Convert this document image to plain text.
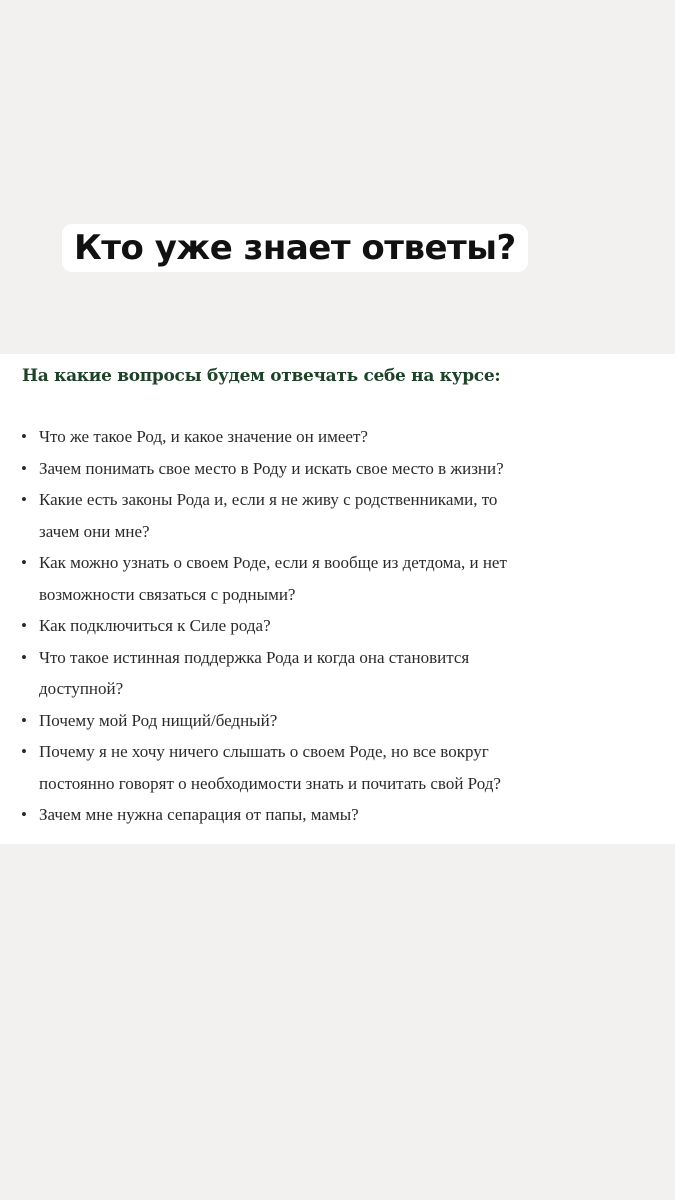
Кто уже знает ответы?
На какие вопросы будем отвечать себе на курсе:
• Что же такое Род, и какое значение он имеет?
• Зачем понимать свое место в Роду и искать свое место в жизни?
• Какие есть законы Рода и, если я не живу с родственниками, то
зачем они мне?
• Как можно узнать о своем Роде, если я вообще из детдома, и нет
возможности связаться с родными?
• Как подключиться к Силе рода?
• Что такое истинная поддержка Рода и когда она становится
доступной?
• Почему мой Род нищий/бедный?
• Почему я не хочу ничего слышать о своем Роде, но все вокруг
постоянно говорят о необходимости знать и почитать свой Род?
• Зачем мне нужна сепарация от папы, мамы?
